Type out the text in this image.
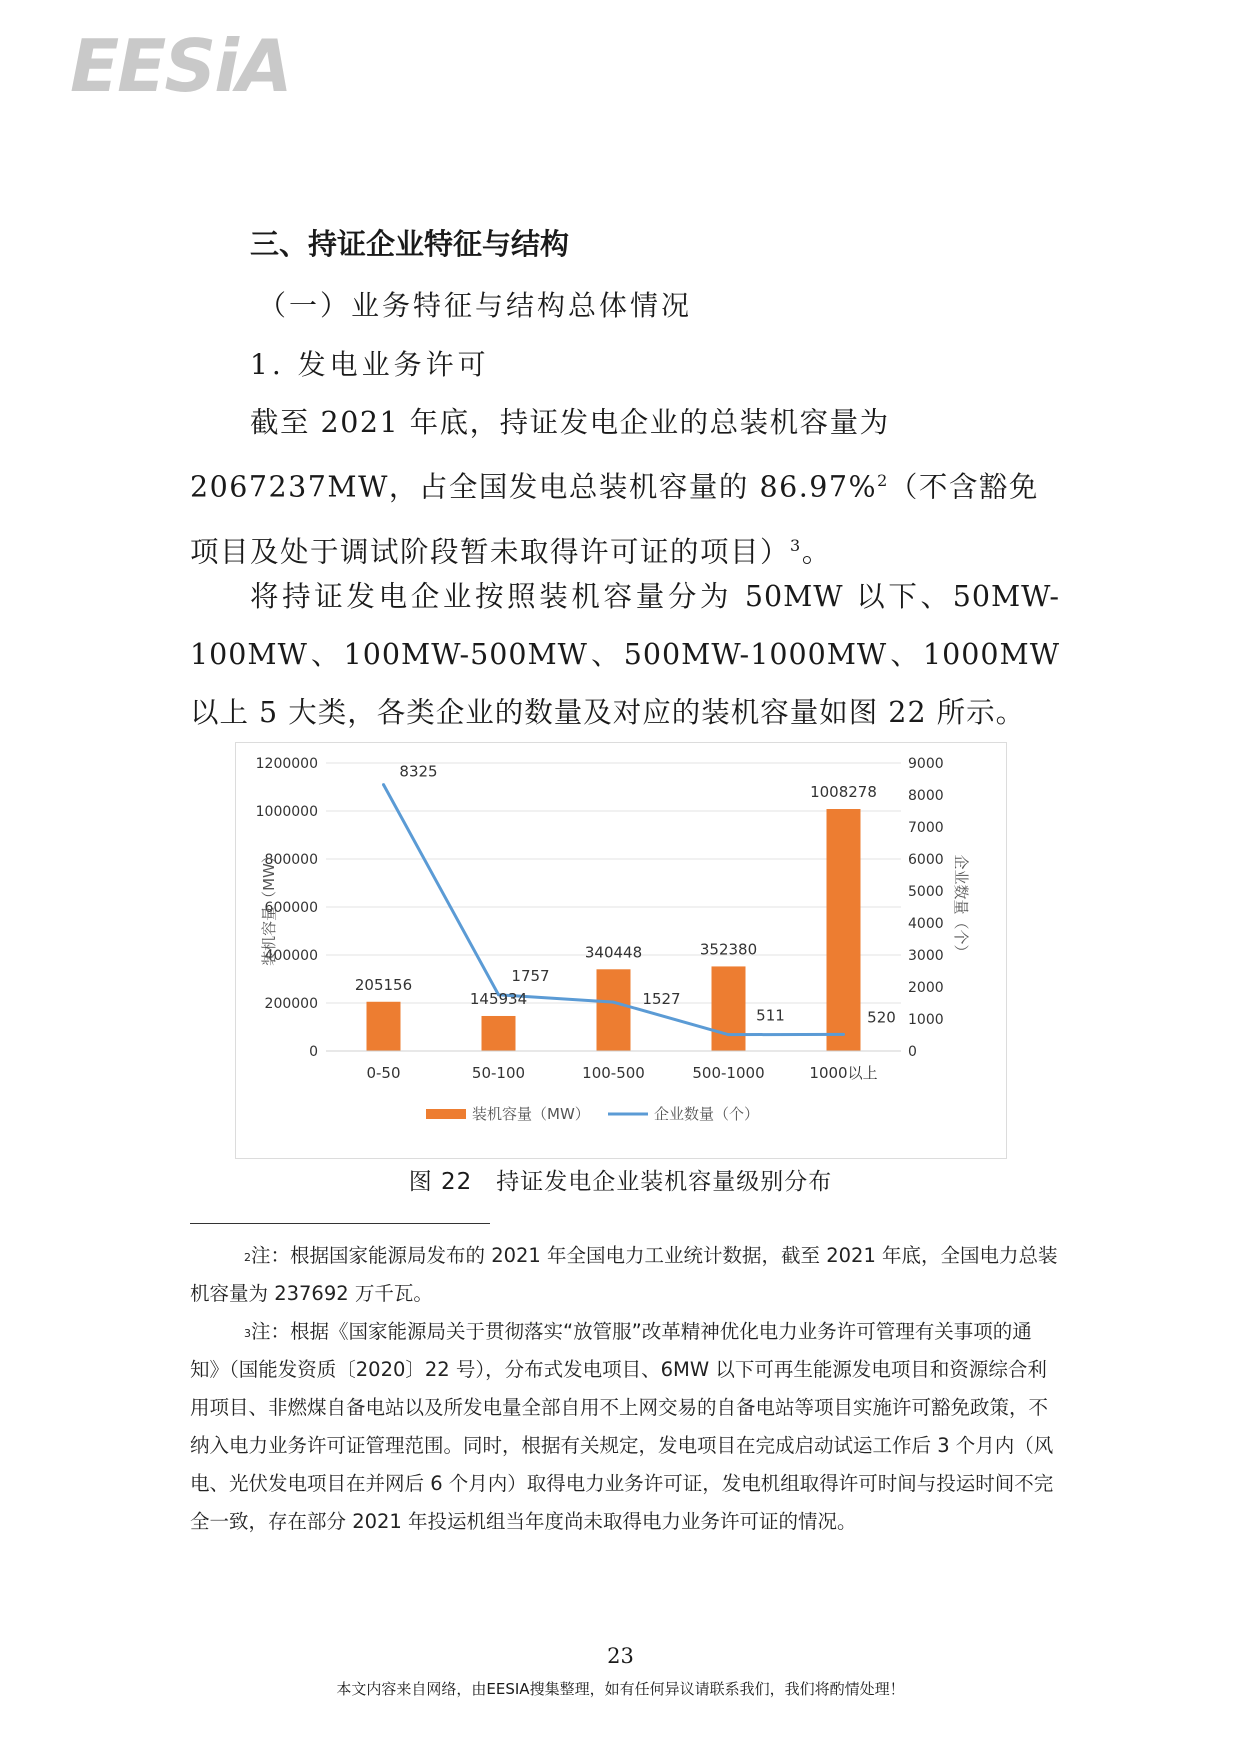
EESiA
三、持证企业特征与结构
（一）业务特征与结构总体情况
1. 发电业务许可
截至 2021 年底，持证发电企业的总装机容量为 2067237MW，占全国发电总装机容量的 86.97%$^2$（不含豁免项目及处于调试阶段暂未取得许可证的项目）$^3$。
将持证发电企业按照装机容量分为 50MW 以下、50MW-100MW、100MW-500MW、500MW-1000MW、1000MW
以上 5 大类，各类企业的数量及对应的装机容量如图 22 所示。
205156
145934
340448	352380
1008278
8325
1757
1527
511	520
0
200000
400000
600000
800000
1000000
1200000
0
1000
2000
3000
4000
5000
6000
7000
8000
9000
0-50	50-100	100-500	500-1000	1000以上
装机容量（MW）	企业数量（个）
装机容量（MW）	企业数量（个）
图 22　持证发电企业装机容量级别分布
$^2$注：根据国家能源局发布的 2021 年全国电力工业统计数据，截至 2021 年底，全国电力总装机容量为 237692 万千瓦。
$^3$注：根据《国家能源局关于贯彻落实“放管服”改革精神优化电力业务许可管理有关事项的通知》（国能发资质〔2020〕22 号），分布式发电项目、6MW 以下可再生能源发电项目和资源综合利用项目、非燃煤自备电站以及所发电量全部自用不上网交易的自备电站等项目实施许可豁免政策，不纳入电力业务许可证管理范围。同时，根据有关规定，发电项目在完成启动试运工作后 3 个月内（风电、光伏发电项目在并网后 6 个月内）取得电力业务许可证，发电机组取得许可时间与投运时间不完全一致，存在部分 2021 年投运机组当年度尚未取得电力业务许可证的情况。
23
本文内容来自网络，由EESIA搜集整理，如有任何异议请联系我们，我们将酌情处理！
